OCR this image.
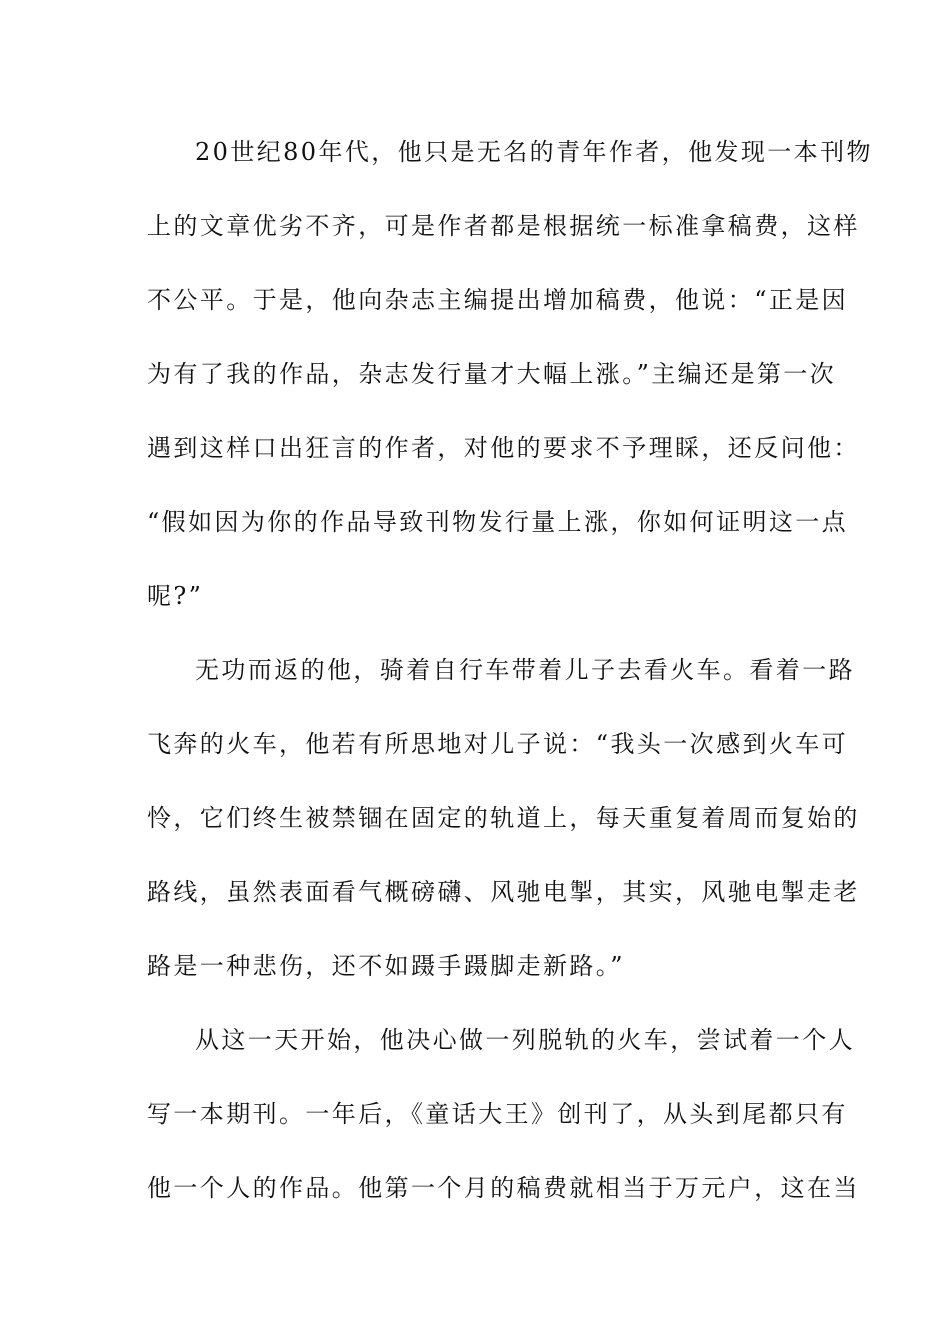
20世纪80年代，他只是无名的青年作者，他发现一本刊物
上的文章优劣不齐，可是作者都是根据统一标准拿稿费，这样
不公平。于是，他向杂志主编提出增加稿费，他说：“正是因
为有了我的作品，杂志发行量才大幅上涨。”主编还是第一次
遇到这样口出狂言的作者，对他的要求不予理睬，还反问他：
“假如因为你的作品导致刊物发行量上涨，你如何证明这一点
呢?”

无功而返的他，骑着自行车带着儿子去看火车。看着一路
飞奔的火车，他若有所思地对儿子说：“我头一次感到火车可
怜，它们终生被禁锢在固定的轨道上，每天重复着周而复始的
路线，虽然表面看气概磅礴、风驰电掣，其实，风驰电掣走老
路是一种悲伤，还不如蹑手蹑脚走新路。”

从这一天开始，他决心做一列脱轨的火车，尝试着一个人
写一本期刊。一年后，《童话大王》创刊了，从头到尾都只有
他一个人的作品。他第一个月的稿费就相当于万元户，这在当
